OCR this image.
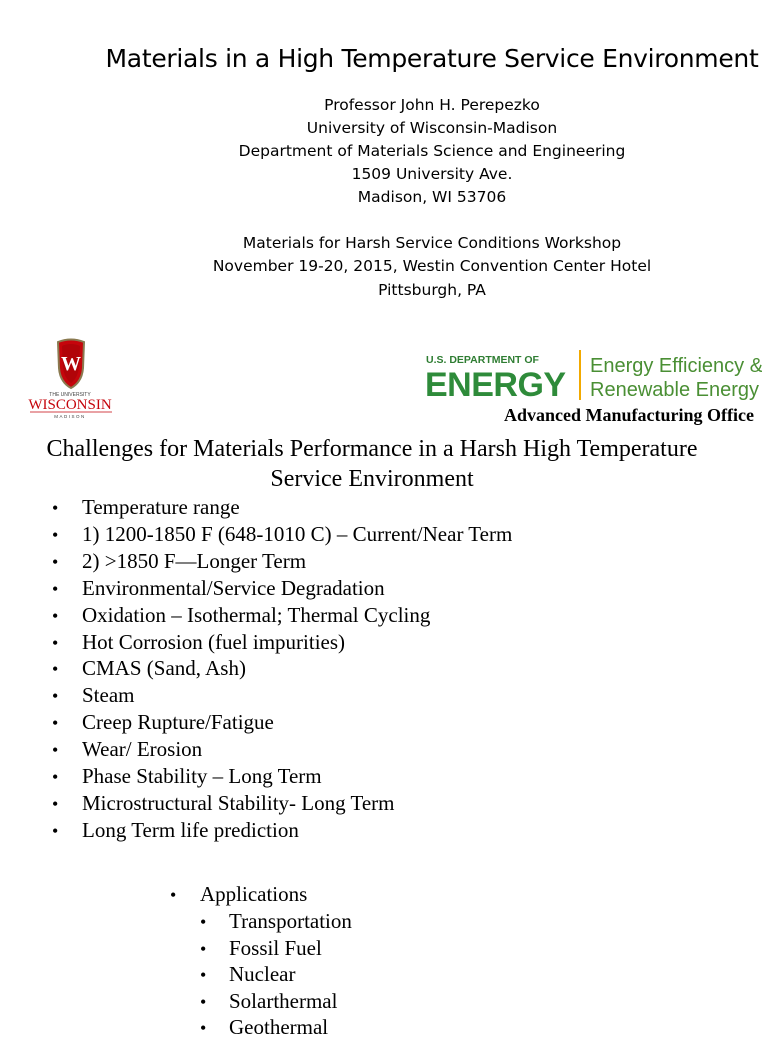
Materials in a High Temperature Service Environment
Professor John H. Perepezko
University of Wisconsin-Madison
Department of Materials Science and Engineering
1509 University Ave.
Madison, WI 53706
Materials for Harsh Service Conditions Workshop
November 19-20, 2015, Westin Convention Center Hotel
Pittsburgh, PA
W
THE UNIVERSITY
WISCONSIN
MADISON
U.S. DEPARTMENT OF
ENERGY Energy Efficiency &
Renewable Energy
Advanced Manufacturing Office
Challenges for Materials Performance in a Harsh High Temperature
Service Environment
• Temperature range
• 1) 1200-1850 F (648-1010 C) – Current/Near Term
• 2) >1850 F—Longer Term
• Environmental/Service Degradation
• Oxidation – Isothermal; Thermal Cycling
• Hot Corrosion (fuel impurities)
• CMAS (Sand, Ash)
• Steam
• Creep Rupture/Fatigue
• Wear/ Erosion
• Phase Stability – Long Term
• Microstructural Stability- Long Term
• Long Term life prediction
• Applications
• Transportation
• Fossil Fuel
• Nuclear
• Solarthermal
• Geothermal
